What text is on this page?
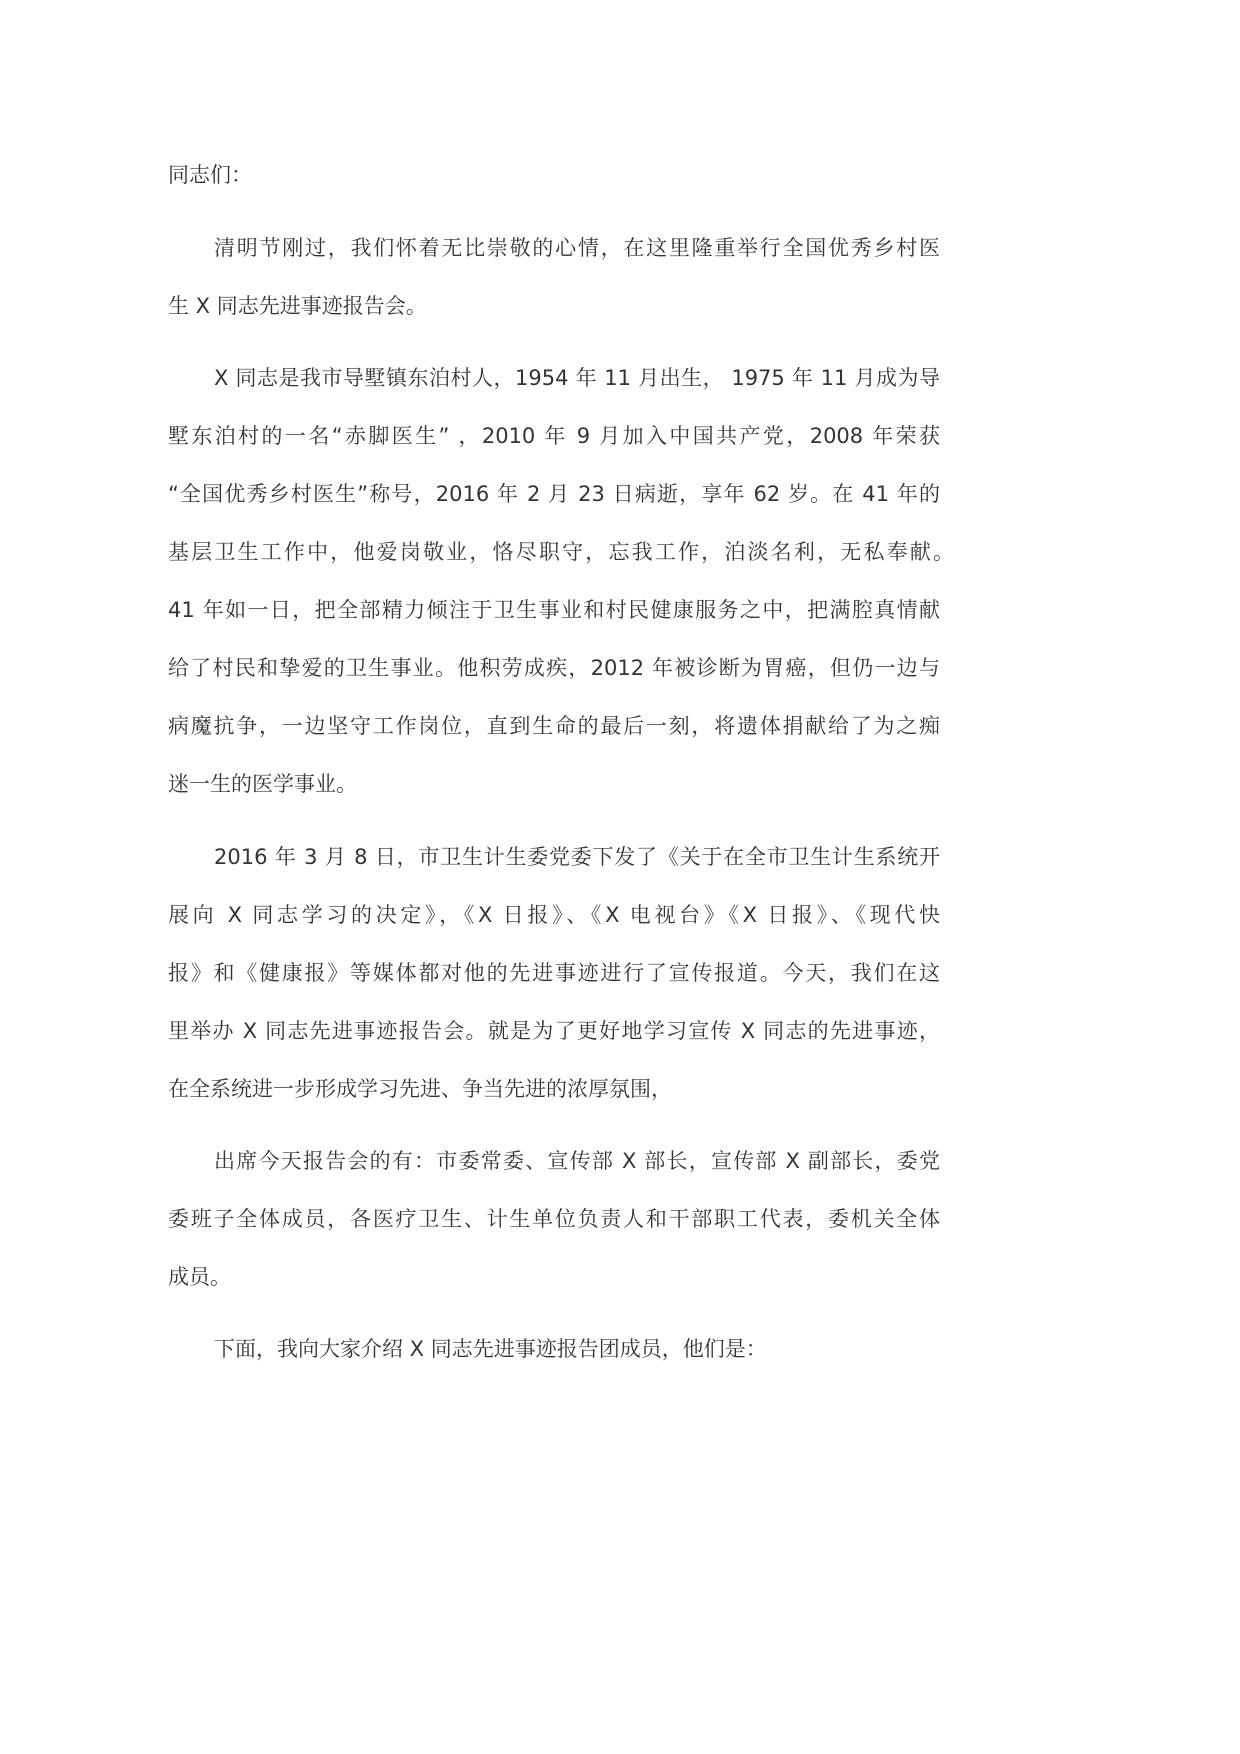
同志们：
清明节刚过，我们怀着无比崇敬的心情，在这里隆重举行全国优秀乡村医
生 X 同志先进事迹报告会。
X 同志是我市导墅镇东泊村人，1954 年 11 月出生， 1975 年 11 月成为导
墅东泊村的一名“赤脚医生” ，2010 年 9 月加入中国共产党，2008 年荣获
“全国优秀乡村医生”称号，2016 年 2 月 23 日病逝，享年 62 岁。在 41 年的
基层卫生工作中，他爱岗敬业，恪尽职守，忘我工作，泊淡名利，无私奉献。
41 年如一日，把全部精力倾注于卫生事业和村民健康服务之中，把满腔真情献
给了村民和挚爱的卫生事业。他积劳成疾，2012 年被诊断为胃癌，但仍一边与
病魔抗争，一边坚守工作岗位，直到生命的最后一刻，将遗体捐献给了为之痴
迷一生的医学事业。
2016 年 3 月 8 日，市卫生计生委党委下发了《关于在全市卫生计生系统开
展向 X 同志学习的决定》，《X 日报》、《X 电视台》《X 日报》、《现代快
报》和《健康报》等媒体都对他的先进事迹进行了宣传报道。今天，我们在这
里举办 X 同志先进事迹报告会。就是为了更好地学习宣传 X 同志的先进事迹，
在全系统进一步形成学习先进、争当先进的浓厚氛围，
出席今天报告会的有：市委常委、宣传部 X 部长，宣传部 X 副部长，委党
委班子全体成员，各医疗卫生、计生单位负责人和干部职工代表，委机关全体
成员。
下面，我向大家介绍 X 同志先进事迹报告团成员，他们是：
